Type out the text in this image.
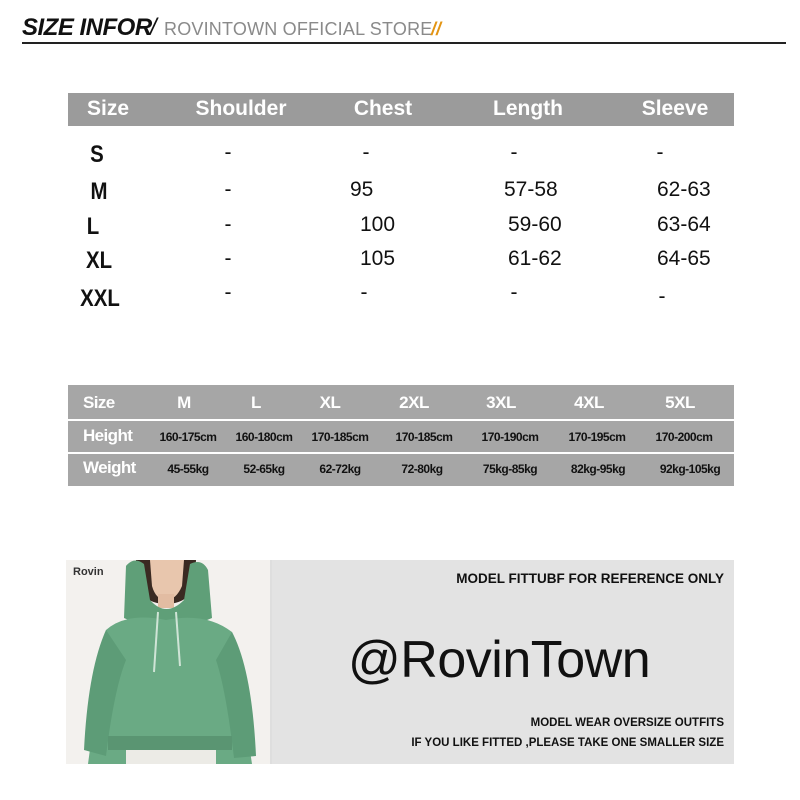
SIZE INFOR
/ ROVINTOWN OFFICIAL STORE
//
Size	Shoulder	Chest	Length	Sleeve
S	-	-	-	-
M	-	95	57-58	62-63
L	-	100	59-60	63-64
XL	-	105	61-62	64-65
XXL	-	-	-	-
Size	M	L	XL	2XL	3XL	4XL	5XL
Height	160-175cm	160-180cm	170-185cm	170-185cm	170-190cm	170-195cm	170-200cm
Weight	45-55kg	52-65kg	62-72kg	72-80kg	75kg-85kg	82kg-95kg	92kg-105kg
Rovin	MODEL FITTUBF FOR REFERENCE ONLY
@RovinTown
MODEL WEAR OVERSIZE OUTFITS
IF YOU LIKE FITTED ,PLEASE TAKE ONE SMALLER SIZE
